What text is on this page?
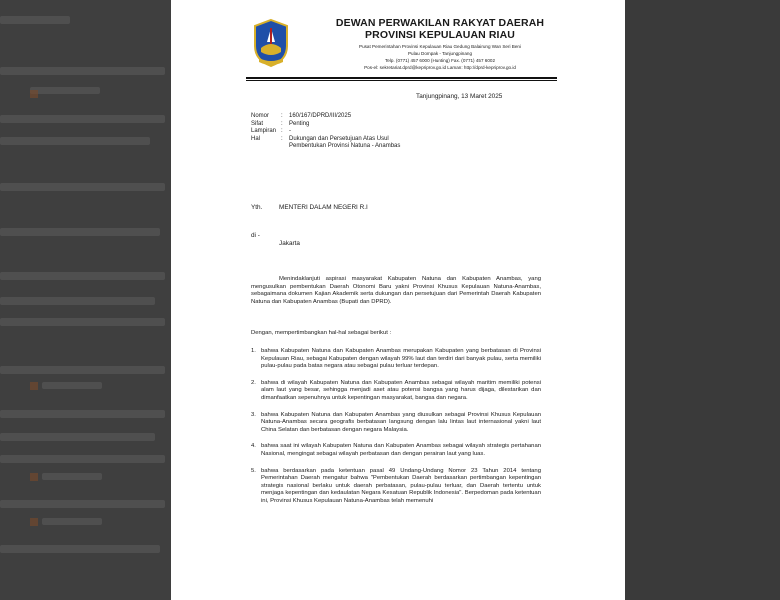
DEWAN PERWAKILAN RAKYAT DAERAH
PROVINSI KEPULAUAN RIAU
Pusat Pemerintahan Provinsi Kepulauan Riau Gedung Balairung Wan Seri Beni
Pulau Dompak - Tanjungpinang
Telp. (0771) 457 6000 (Hunting) Fax. (0771) 457 6002
Pos-el: sekretariat.dprd@kepriprov.go.id Laman: http://dprd-kepriprov.go.id
Tanjungpinang, 13 Maret 2025
Nomor	:	160/167/DPRD/III/2025
Sifat	:	Penting
Lampiran :	-
Hal	:	Dukungan dan Persetujuan Atas Usul Pembentukan Provinsi Natuna - Anambas
Yth.	MENTERI DALAM NEGERI R.I
di -
Jakarta
Menindaklanjuti aspirasi masyarakat Kabupaten Natuna dan Kabupaten Anambas, yang mengusulkan pembentukan Daerah Otonomi Baru yakni Provinsi Khusus Kepulauan Natuna-Anambas, sebagaimana dokumen Kajian Akademik serta dukungan dan persetujuan dari Pemerintah Daerah Kabupaten Natuna dan Kabupaten Anambas (Bupati dan DPRD).
Dengan, mempertimbangkan hal-hal sebagai berikut :
1. bahwa Kabupaten Natuna dan Kabupaten Anambas merupakan Kabupaten yang berbatasan di Provinsi Kepulauan Riau, sebagai Kabupaten dengan wilayah 99% laut dan terdiri dari banyak pulau, serta memiliki pulau-pulau pada batas negara atau sebagai pulau terluar terdepan.
2. bahwa di wilayah Kabupaten Natuna dan Kabupaten Anambas sebagai wilayah maritim memiliki potensi alam laut yang besar, sehingga menjadi aset atau potensi bangsa yang harus dijaga, dilestarikan dan dimanfaatkan sepenuhnya untuk kepentingan masyarakat, bangsa dan negara.
3. bahwa Kabupaten Natuna dan Kabupaten Anambas yang diusulkan sebagai Provinsi Khusus Kepulauan Natuna-Anambas secara geografis berbatasan langsung dengan lalu lintas laut internasional yakni laut China Selatan dan berbatasan dengan negara Malaysia.
4. bahwa saat ini wilayah Kabupaten Natuna dan Kabupaten Anambas sebagai wilayah strategis pertahanan Nasional, mengingat sebagai wilayah perbatasan dan dengan perairan laut yang luas.
5. bahwa berdasarkan pada ketentuan pasal 49 Undang-Undang Nomor 23 Tahun 2014 tentang Pemerintahan Daerah mengatur bahwa "Pembentukan Daerah berdasarkan pertimbangan kepentingan strategis nasional berlaku untuk daerah perbatasan, pulau-pulau terluar, dan Daerah tertentu untuk menjaga kepentingan dan kedaulatan Negara Kesatuan Republik Indonesia". Berpedoman pada ketentuan ini, Provinsi Khusus Kepulauan Natuna-Anambas telah memenuhi
